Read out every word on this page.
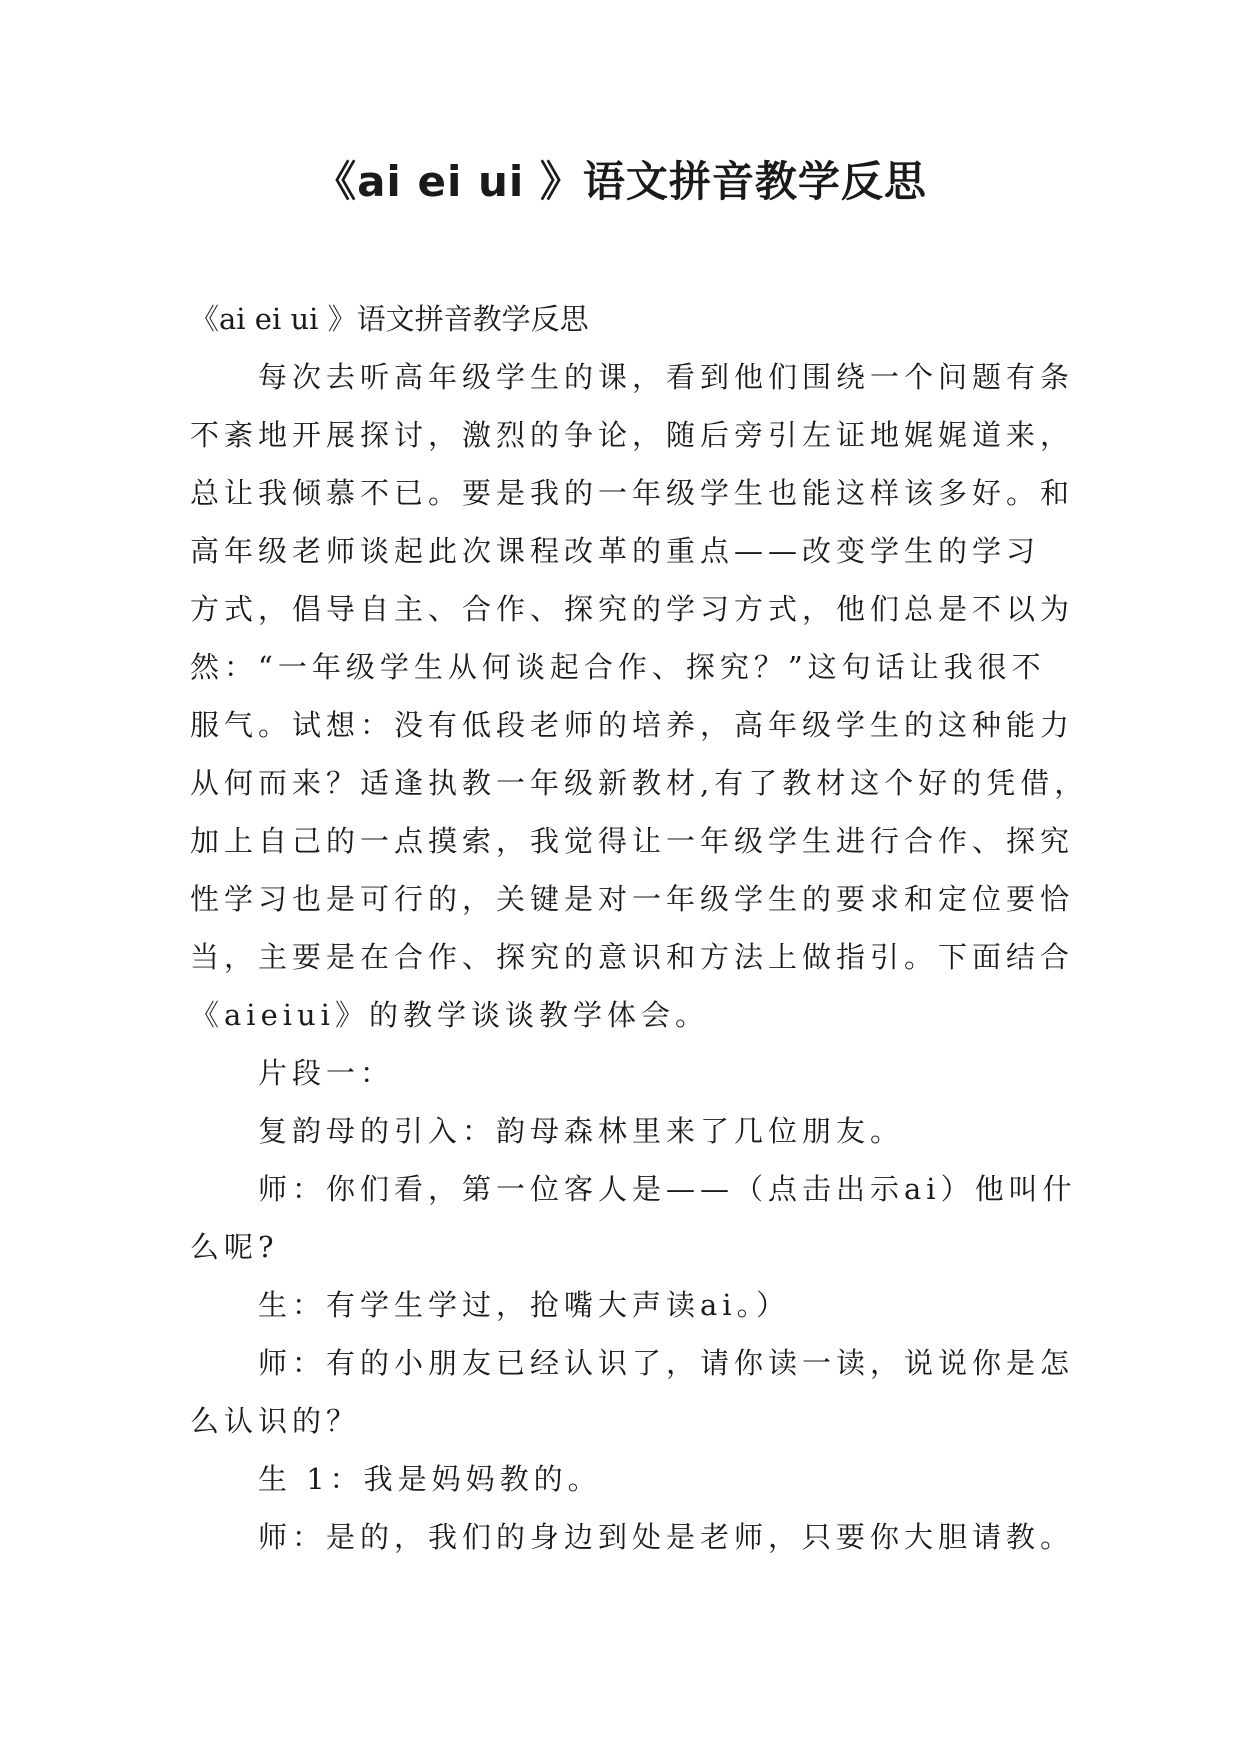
《ai ei ui 》语文拼音教学反思

《ai ei ui 》语文拼音教学反思

每次去听高年级学生的课，看到他们围绕一个问题有条
不紊地开展探讨，激烈的争论，随后旁引左证地娓娓道来，
总让我倾慕不已。要是我的一年级学生也能这样该多好。和
高年级老师谈起此次课程改革的重点——改变学生的学习
方式，倡导自主、合作、探究的学习方式，他们总是不以为
然：“一年级学生从何谈起合作、探究？”这句话让我很不
服气。试想：没有低段老师的培养，高年级学生的这种能力
从何而来？适逢执教一年级新教材,有了教材这个好的凭借，
加上自己的一点摸索，我觉得让一年级学生进行合作、探究
性学习也是可行的，关键是对一年级学生的要求和定位要恰
当，主要是在合作、探究的意识和方法上做指引。下面结合
《aieiui》的教学谈谈教学体会。

片段一：

复韵母的引入：韵母森林里来了几位朋友。

师：你们看，第一位客人是——（点击出示ai）他叫什
么呢?

生：有学生学过，抢嘴大声读ai。）

师：有的小朋友已经认识了，请你读一读，说说你是怎
么认识的？

生 1：我是妈妈教的。

师：是的，我们的身边到处是老师，只要你大胆请教。
